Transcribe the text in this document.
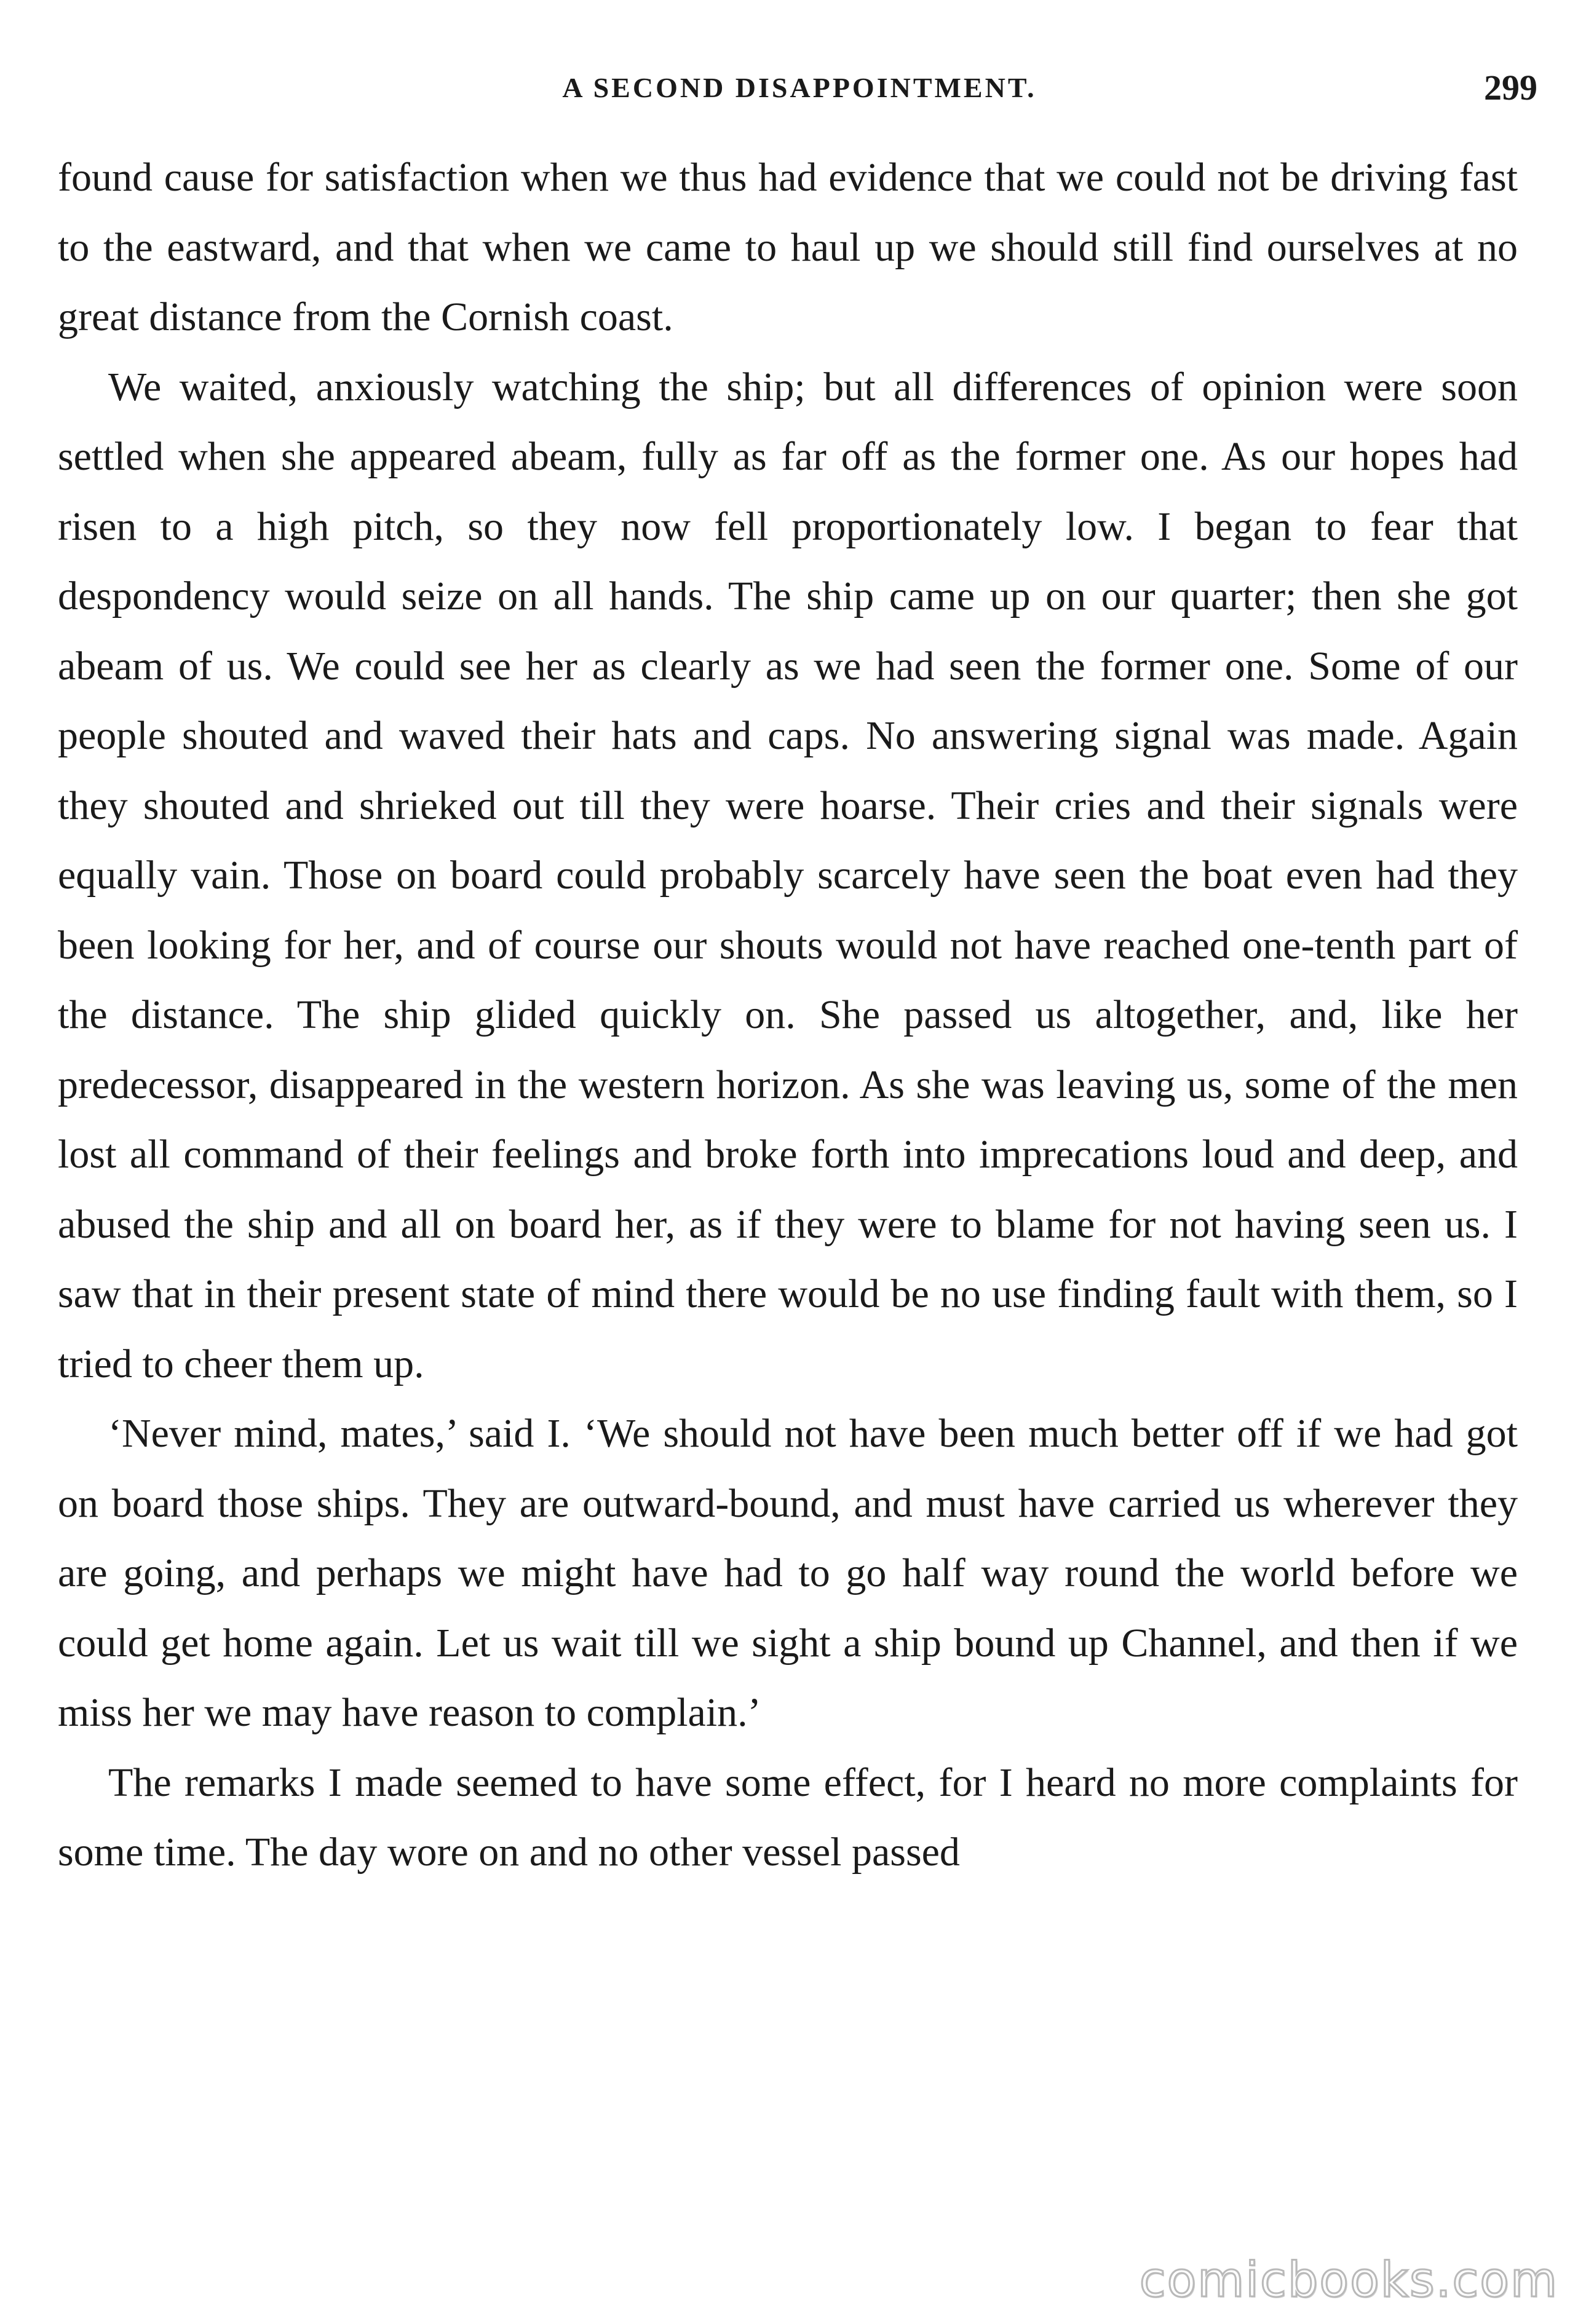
A SECOND DISAPPOINTMENT.	299

found cause for satisfaction when we thus had evidence that we could not be driving fast to the eastward, and that when we came to haul up we should still find ourselves at no great distance from the Cornish coast.

We waited, anxiously watching the ship; but all differences of opinion were soon settled when she appeared abeam, fully as far off as the former one. As our hopes had risen to a high pitch, so they now fell proportionately low. I began to fear that despondency would seize on all hands. The ship came up on our quarter; then she got abeam of us. We could see her as clearly as we had seen the former one. Some of our people shouted and waved their hats and caps. No answering signal was made. Again they shouted and shrieked out till they were hoarse. Their cries and their signals were equally vain. Those on board could probably scarcely have seen the boat even had they been looking for her, and of course our shouts would not have reached one-tenth part of the distance. The ship glided quickly on. She passed us altogether, and, like her predecessor, disappeared in the western horizon. As she was leaving us, some of the men lost all command of their feelings and broke forth into imprecations loud and deep, and abused the ship and all on board her, as if they were to blame for not having seen us. I saw that in their present state of mind there would be no use finding fault with them, so I tried to cheer them up.

‘Never mind, mates,’ said I. ‘We should not have been much better off if we had got on board those ships. They are outward-bound, and must have carried us wherever they are going, and perhaps we might have had to go half way round the world before we could get home again. Let us wait till we sight a ship bound up Channel, and then if we miss her we may have reason to complain.’

The remarks I made seemed to have some effect, for I heard no more complaints for some time. The day wore on and no other vessel passed

comicbooks.com
